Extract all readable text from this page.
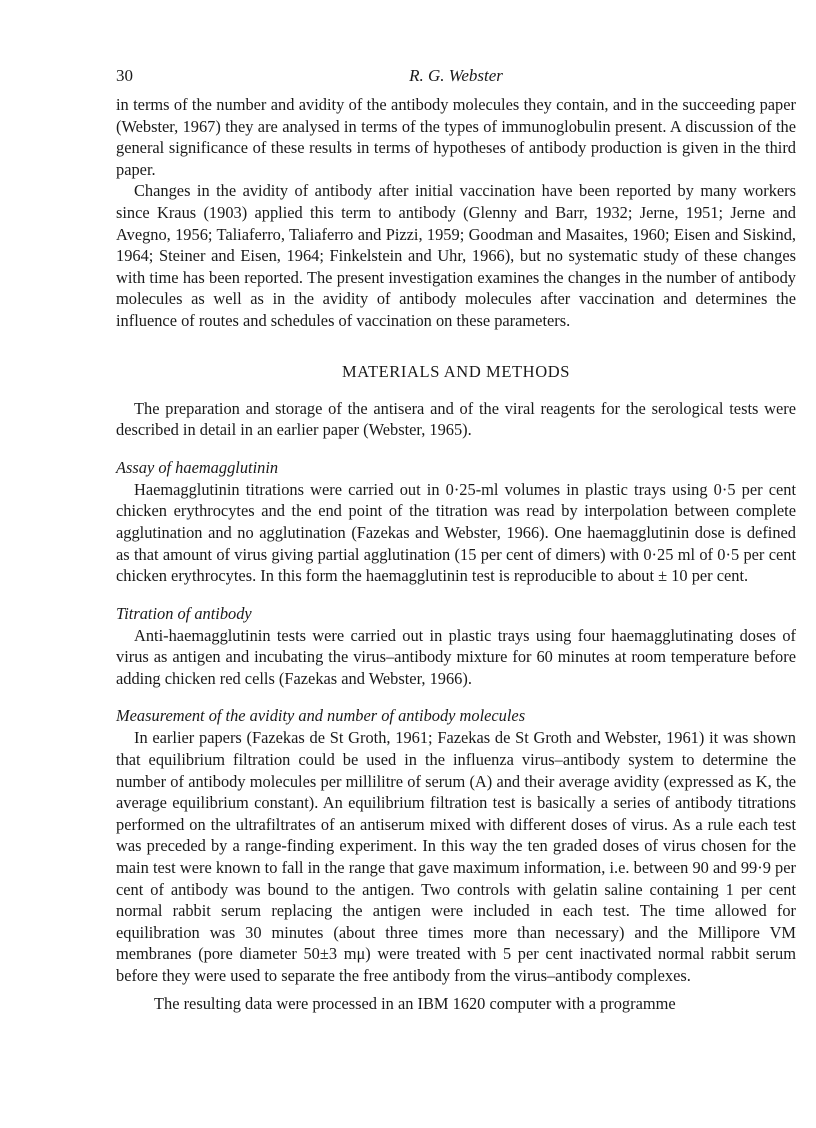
30	R. G. Webster

in terms of the number and avidity of the antibody molecules they contain, and in the succeeding paper (Webster, 1967) they are analysed in terms of the types of immunoglobulin present. A discussion of the general significance of these results in terms of hypotheses of antibody production is given in the third paper.

Changes in the avidity of antibody after initial vaccination have been reported by many workers since Kraus (1903) applied this term to antibody (Glenny and Barr, 1932; Jerne, 1951; Jerne and Avegno, 1956; Taliaferro, Taliaferro and Pizzi, 1959; Goodman and Masaites, 1960; Eisen and Siskind, 1964; Steiner and Eisen, 1964; Finkelstein and Uhr, 1966), but no systematic study of these changes with time has been reported. The present investigation examines the changes in the number of antibody molecules as well as in the avidity of antibody molecules after vaccination and determines the influence of routes and schedules of vaccination on these parameters.

MATERIALS AND METHODS

The preparation and storage of the antisera and of the viral reagents for the serological tests were described in detail in an earlier paper (Webster, 1965).

Assay of haemagglutinin

Haemagglutinin titrations were carried out in 0·25-ml volumes in plastic trays using 0·5 per cent chicken erythrocytes and the end point of the titration was read by interpolation between complete agglutination and no agglutination (Fazekas and Webster, 1966). One haemagglutinin dose is defined as that amount of virus giving partial agglutination (15 per cent of dimers) with 0·25 ml of 0·5 per cent chicken erythrocytes. In this form the haemagglutinin test is reproducible to about ± 10 per cent.

Titration of antibody

Anti-haemagglutinin tests were carried out in plastic trays using four haemagglutinating doses of virus as antigen and incubating the virus–antibody mixture for 60 minutes at room temperature before adding chicken red cells (Fazekas and Webster, 1966).

Measurement of the avidity and number of antibody molecules

In earlier papers (Fazekas de St Groth, 1961; Fazekas de St Groth and Webster, 1961) it was shown that equilibrium filtration could be used in the influenza virus–antibody system to determine the number of antibody molecules per millilitre of serum (A) and their average avidity (expressed as K, the average equilibrium constant). An equilibrium filtration test is basically a series of antibody titrations performed on the ultrafiltrates of an antiserum mixed with different doses of virus. As a rule each test was preceded by a range-finding experiment. In this way the ten graded doses of virus chosen for the main test were known to fall in the range that gave maximum information, i.e. between 90 and 99·9 per cent of antibody was bound to the antigen. Two controls with gelatin saline containing 1 per cent normal rabbit serum replacing the antigen were included in each test. The time allowed for equilibration was 30 minutes (about three times more than necessary) and the Millipore VM membranes (pore diameter 50±3 mμ) were treated with 5 per cent inactivated normal rabbit serum before they were used to separate the free antibody from the virus–antibody complexes.

The resulting data were processed in an IBM 1620 computer with a programme
